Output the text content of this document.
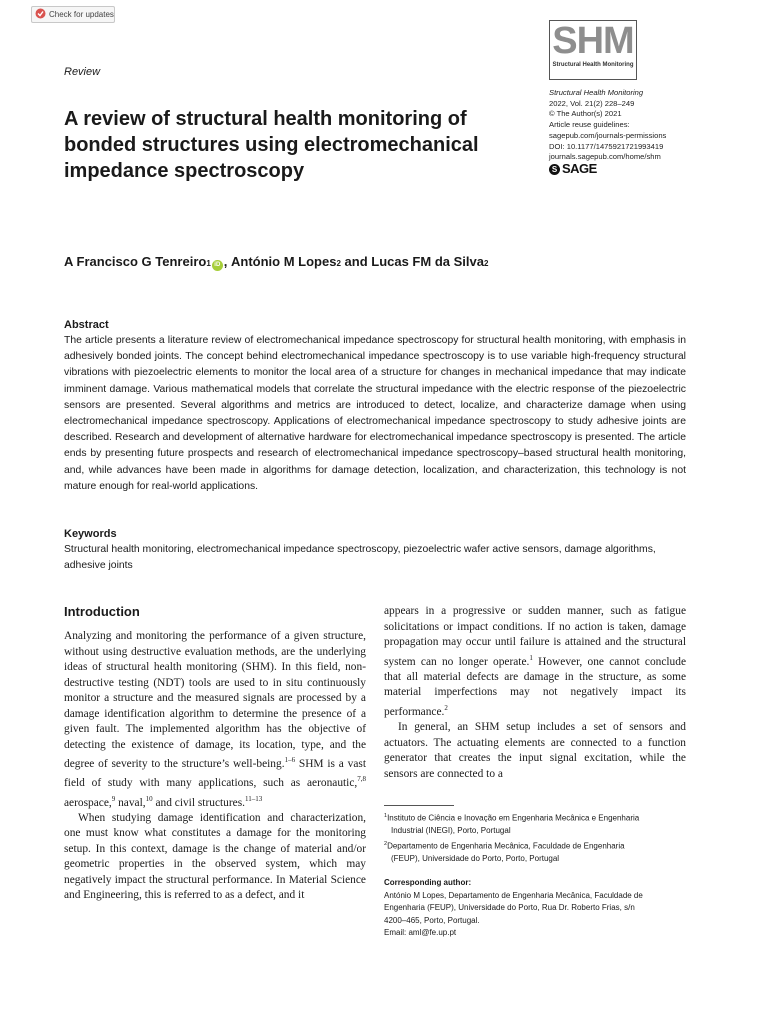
Check for updates
Review
SHM
Structural Health Monitoring
Structural Health Monitoring
2022, Vol. 21(2) 228–249
© The Author(s) 2021
Article reuse guidelines:
sagepub.com/journals-permissions
DOI: 10.1177/1475921721993419
journals.sagepub.com/home/shm
S SAGE
A review of structural health monitoring of bonded structures using electromechanical impedance spectroscopy
A Francisco G Tenreiro 1 iD , António M Lopes 2 and Lucas FM da Silva 2
Abstract

The article presents a literature review of electromechanical impedance spectroscopy for structural health monitoring, with emphasis in adhesively bonded joints. The concept behind electromechanical impedance spectroscopy is to use variable high-frequency structural vibrations with piezoelectric elements to monitor the local area of a structure for changes in mechanical impedance that may indicate imminent damage. Various mathematical models that correlate the structural impedance with the electric response of the piezoelectric sensors are presented. Several algorithms and metrics are introduced to detect, localize, and characterize damage when using electromechanical impedance spectroscopy. Applications of electromechanical impedance spectroscopy to study adhesive joints are described. Research and development of alternative hardware for electromechanical impedance spectroscopy is presented. The article ends by presenting future prospects and research of electromechanical impedance spectroscopy–based structural health monitoring, and, while advances have been made in algorithms for damage detection, localization, and characterization, this technology is not mature enough for real-world applications.

Keywords

Structural health monitoring, electromechanical impedance spectroscopy, piezoelectric wafer active sensors, damage algorithms, adhesive joints

Introduction

Analyzing and monitoring the performance of a given structure, without using destructive evaluation methods, are the underlying ideas of structural health monitoring (SHM). In this field, non-destructive testing (NDT) tools are used to in situ continuously monitor a structure and the measured signals are processed by a damage identification algorithm to determine the presence of a given fault. The implemented algorithm has the objective of detecting the existence of damage, its location, type, and the degree of severity to the structure’s well-being.$^{1-6}$ SHM is a vast field of study with many applications, such as aeronautic,$^{7,8}$ aerospace,$^9$ naval,$^{10}$ and civil structures.$^{11-13}$

When studying damage identification and characterization, one must know what constitutes a damage for the monitoring setup. In this context, damage is the change of material and/or geometric properties in the observed system, which may negatively impact the structural performance. In Material Science and Engineering, this is referred to as a defect, and it

appears in a progressive or sudden manner, such as fatigue solicitations or impact conditions. If no action is taken, damage propagation may occur until failure is attained and the structural system can no longer operate.$^1$ However, one cannot conclude that all material defects are damage in the structure, as some material imperfections may not negatively impact its performance.$^2$

In general, an SHM setup includes a set of sensors and actuators. The actuating elements are connected to a function generator that creates the input signal excitation, while the sensors are connected to a

$^1$Instituto de Ciência e Inovação em Engenharia Mecânica e Engenharia
Industrial (INEGI), Porto, Portugal
$^2$Departamento de Engenharia Mecânica, Faculdade de Engenharia
(FEUP), Universidade do Porto, Porto, Portugal
Corresponding author:
António M Lopes, Departamento de Engenharia Mecânica, Faculdade de
Engenharia (FEUP), Universidade do Porto, Rua Dr. Roberto Frias, s/n
4200–465, Porto, Portugal.
Email: aml@fe.up.pt
